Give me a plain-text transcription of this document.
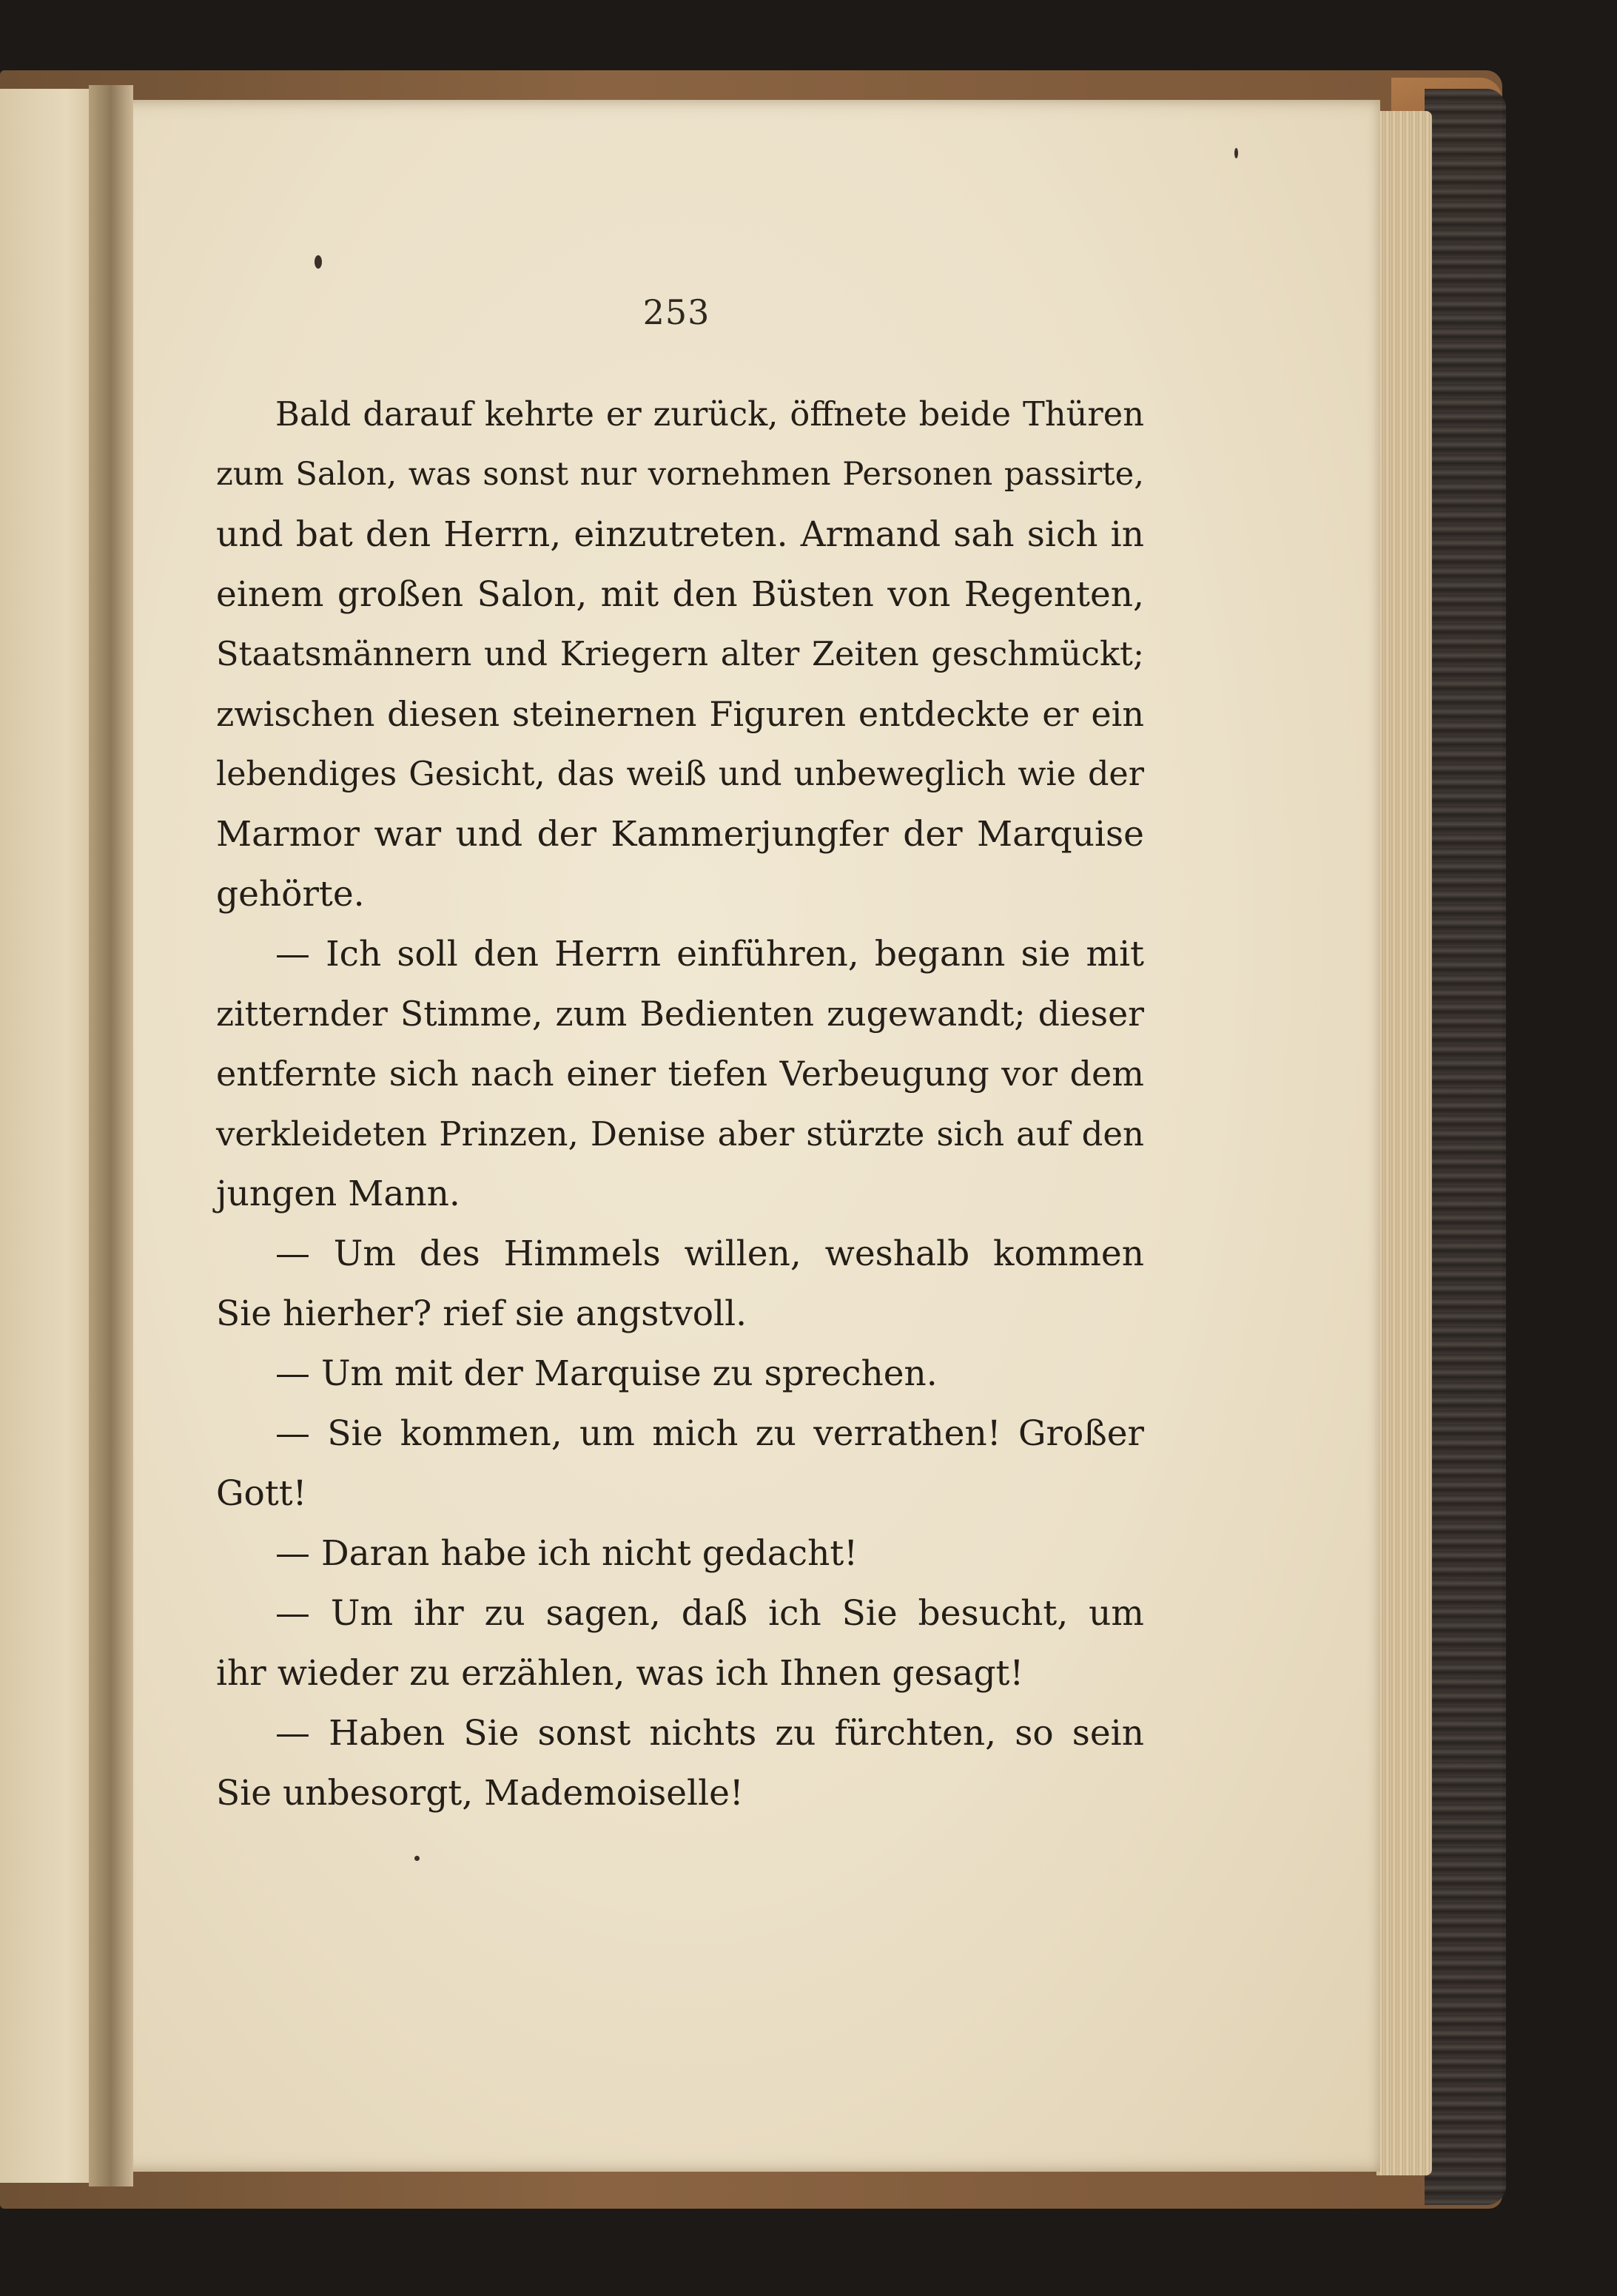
253
Bald darauf kehrte er zurück, öffnete beide Thüren
zum Salon, was sonst nur vornehmen Personen passirte,
und bat den Herrn, einzutreten. Armand sah sich in
einem großen Salon, mit den Büsten von Regenten,
Staatsmännern und Kriegern alter Zeiten geschmückt;
zwischen diesen steinernen Figuren entdeckte er ein
lebendiges Gesicht, das weiß und unbeweglich wie der
Marmor war und der Kammerjungfer der Marquise
gehörte.
— Ich soll den Herrn einführen, begann sie mit
zitternder Stimme, zum Bedienten zugewandt; dieser
entfernte sich nach einer tiefen Verbeugung vor dem
verkleideten Prinzen, Denise aber stürzte sich auf den
jungen Mann.
— Um des Himmels willen, weshalb kommen
Sie hierher? rief sie angstvoll.
— Um mit der Marquise zu sprechen.
— Sie kommen, um mich zu verrathen! Großer
Gott!
— Daran habe ich nicht gedacht!
— Um ihr zu sagen, daß ich Sie besucht, um
ihr wieder zu erzählen, was ich Ihnen gesagt!
— Haben Sie sonst nichts zu fürchten, so sein
Sie unbesorgt, Mademoiselle!
